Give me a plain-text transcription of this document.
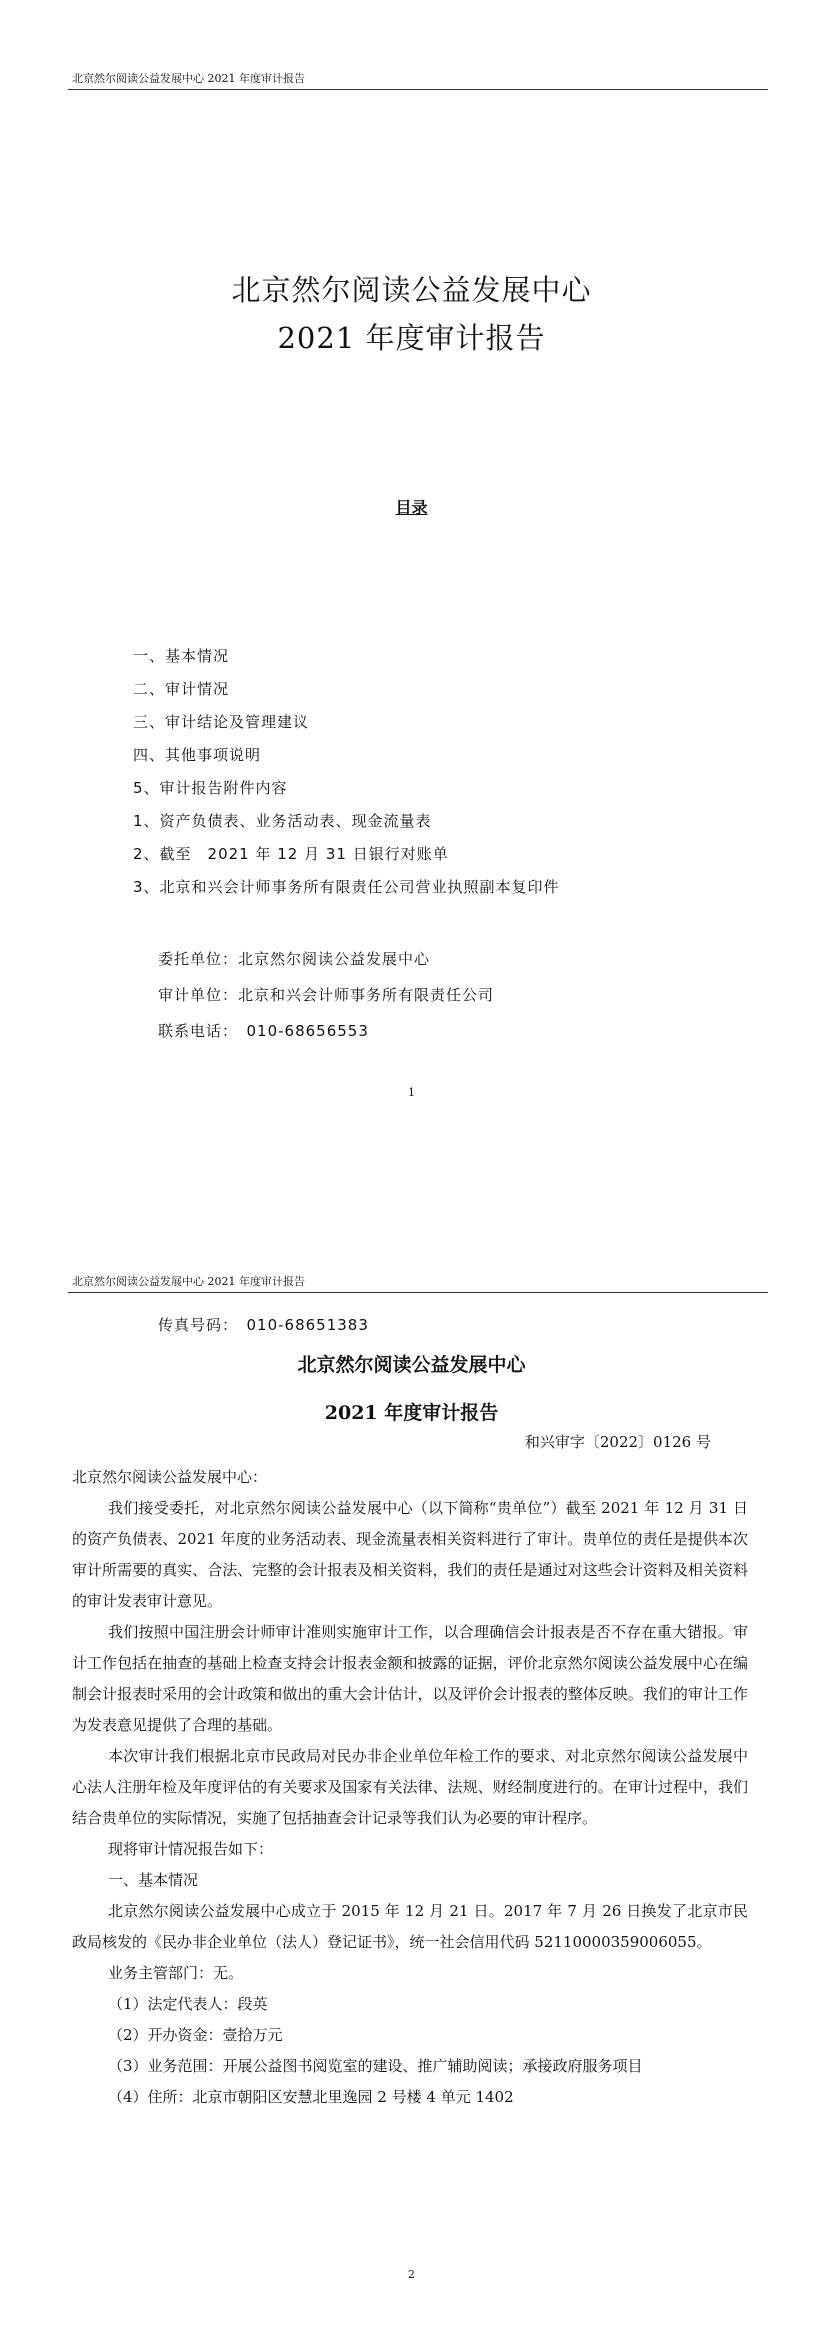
北京然尔阅读公益发展中心 2021 年度审计报告
北京然尔阅读公益发展中心
2021 年度审计报告
目录
一、基本情况
二、审计情况
三、审计结论及管理建议
四、其他事项说明
5、审计报告附件内容
1、资产负债表、业务活动表、现金流量表
2、截至　2021 年 12 月 31 日银行对账单
3、北京和兴会计师事务所有限责任公司营业执照副本复印件
委托单位：北京然尔阅读公益发展中心
审计单位：北京和兴会计师事务所有限责任公司
联系电话：　010-68656553
1
北京然尔阅读公益发展中心 2021 年度审计报告
传真号码：　010-68651383
北京然尔阅读公益发展中心
2021 年度审计报告
和兴审字〔2022〕0126 号

北京然尔阅读公益发展中心：

我们接受委托，对北京然尔阅读公益发展中心（以下简称“贵单位”）截至 2021 年 12 月 31 日的资产负债表、2021 年度的业务活动表、现金流量表相关资料进行了审计。贵单位的责任是提供本次审计所需要的真实、合法、完整的会计报表及相关资料，我们的责任是通过对这些会计资料及相关资料的审计发表审计意见。

我们按照中国注册会计师审计准则实施审计工作，以合理确信会计报表是否不存在重大错报。审计工作包括在抽查的基础上检查支持会计报表金额和披露的证据，评价北京然尔阅读公益发展中心在编制会计报表时采用的会计政策和做出的重大会计估计，以及评价会计报表的整体反映。我们的审计工作为发表意见提供了合理的基础。

本次审计我们根据北京市民政局对民办非企业单位年检工作的要求、对北京然尔阅读公益发展中心法人注册年检及年度评估的有关要求及国家有关法律、法规、财经制度进行的。在审计过程中，我们结合贵单位的实际情况，实施了包括抽查会计记录等我们认为必要的审计程序。

现将审计情况报告如下：

一、基本情况

北京然尔阅读公益发展中心成立于 2015 年 12 月 21 日。2017 年 7 月 26 日换发了北京市民政局核发的《民办非企业单位（法人）登记证书》，统一社会信用代码 52110000359006055。

业务主管部门：无。

（1）法定代表人：段英

（2）开办资金：壹拾万元

（3）业务范围：开展公益图书阅览室的建设、推广辅助阅读；承接政府服务项目

（4）住所：北京市朝阳区安慧北里逸园 2 号楼 4 单元 1402

2
